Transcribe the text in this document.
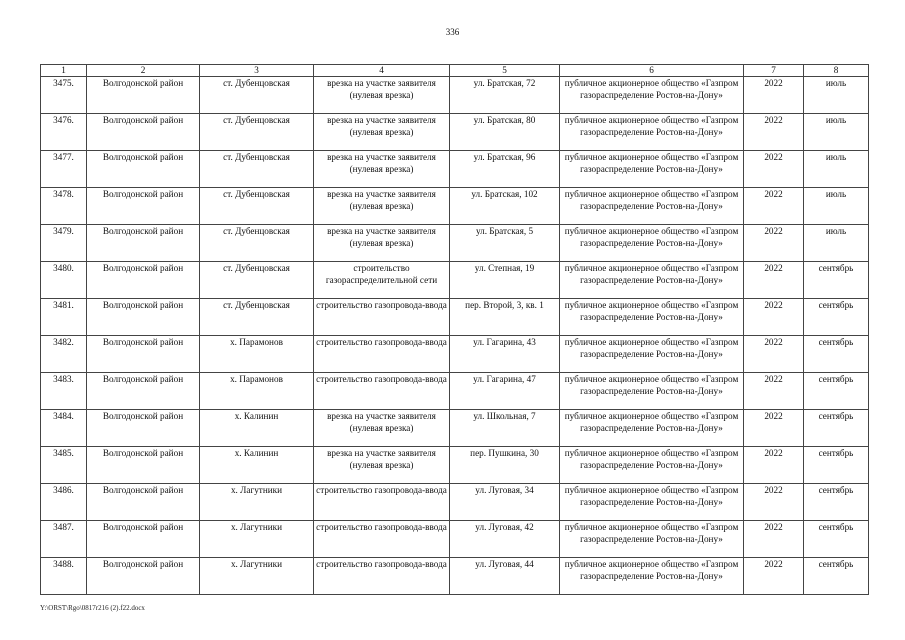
336
1	2	3	4	5	6	7	8
3475.	Волгодонской район	ст. Дубенцовская	врезка на участке заявителя (нулевая врезка)	ул. Братская, 72	публичное акционерное общество «Газпром газораспределение Ростов-на-Дону»	2022	июль
3476.	Волгодонской район	ст. Дубенцовская	врезка на участке заявителя (нулевая врезка)	ул. Братская, 80	публичное акционерное общество «Газпром газораспределение Ростов-на-Дону»	2022	июль
3477.	Волгодонской район	ст. Дубенцовская	врезка на участке заявителя (нулевая врезка)	ул. Братская, 96	публичное акционерное общество «Газпром газораспределение Ростов-на-Дону»	2022	июль
3478.	Волгодонской район	ст. Дубенцовская	врезка на участке заявителя (нулевая врезка)	ул. Братская, 102	публичное акционерное общество «Газпром газораспределение Ростов-на-Дону»	2022	июль
3479.	Волгодонской район	ст. Дубенцовская	врезка на участке заявителя (нулевая врезка)	ул. Братская, 5	публичное акционерное общество «Газпром газораспределение Ростов-на-Дону»	2022	июль
3480.	Волгодонской район	ст. Дубенцовская	строительство газораспределительной сети	ул. Степная, 19	публичное акционерное общество «Газпром газораспределение Ростов-на-Дону»	2022	сентябрь
3481.	Волгодонской район	ст. Дубенцовская	строительство газопровода-ввода	пер. Второй, 3, кв. 1	публичное акционерное общество «Газпром газораспределение Ростов-на-Дону»	2022	сентябрь
3482.	Волгодонской район	х. Парамонов	строительство газопровода-ввода	ул. Гагарина, 43	публичное акционерное общество «Газпром газораспределение Ростов-на-Дону»	2022	сентябрь
3483.	Волгодонской район	х. Парамонов	строительство газопровода-ввода	ул. Гагарина, 47	публичное акционерное общество «Газпром газораспределение Ростов-на-Дону»	2022	сентябрь
3484.	Волгодонской район	х. Калинин	врезка на участке заявителя (нулевая врезка)	ул. Школьная, 7	публичное акционерное общество «Газпром газораспределение Ростов-на-Дону»	2022	сентябрь
3485.	Волгодонской район	х. Калинин	врезка на участке заявителя (нулевая врезка)	пер. Пушкина, 30	публичное акционерное общество «Газпром газораспределение Ростов-на-Дону»	2022	сентябрь
3486.	Волгодонской район	х. Лагутники	строительство газопровода-ввода	ул. Луговая, 34	публичное акционерное общество «Газпром газораспределение Ростов-на-Дону»	2022	сентябрь
3487.	Волгодонской район	х. Лагутники	строительство газопровода-ввода	ул. Луговая, 42	публичное акционерное общество «Газпром газораспределение Ростов-на-Дону»	2022	сентябрь
3488.	Волгодонской район	х. Лагутники	строительство газопровода-ввода	ул. Луговая, 44	публичное акционерное общество «Газпром газораспределение Ростов-на-Дону»	2022	сентябрь
Y:\ORST\Rgo\0817r216 (2).f22.docx
